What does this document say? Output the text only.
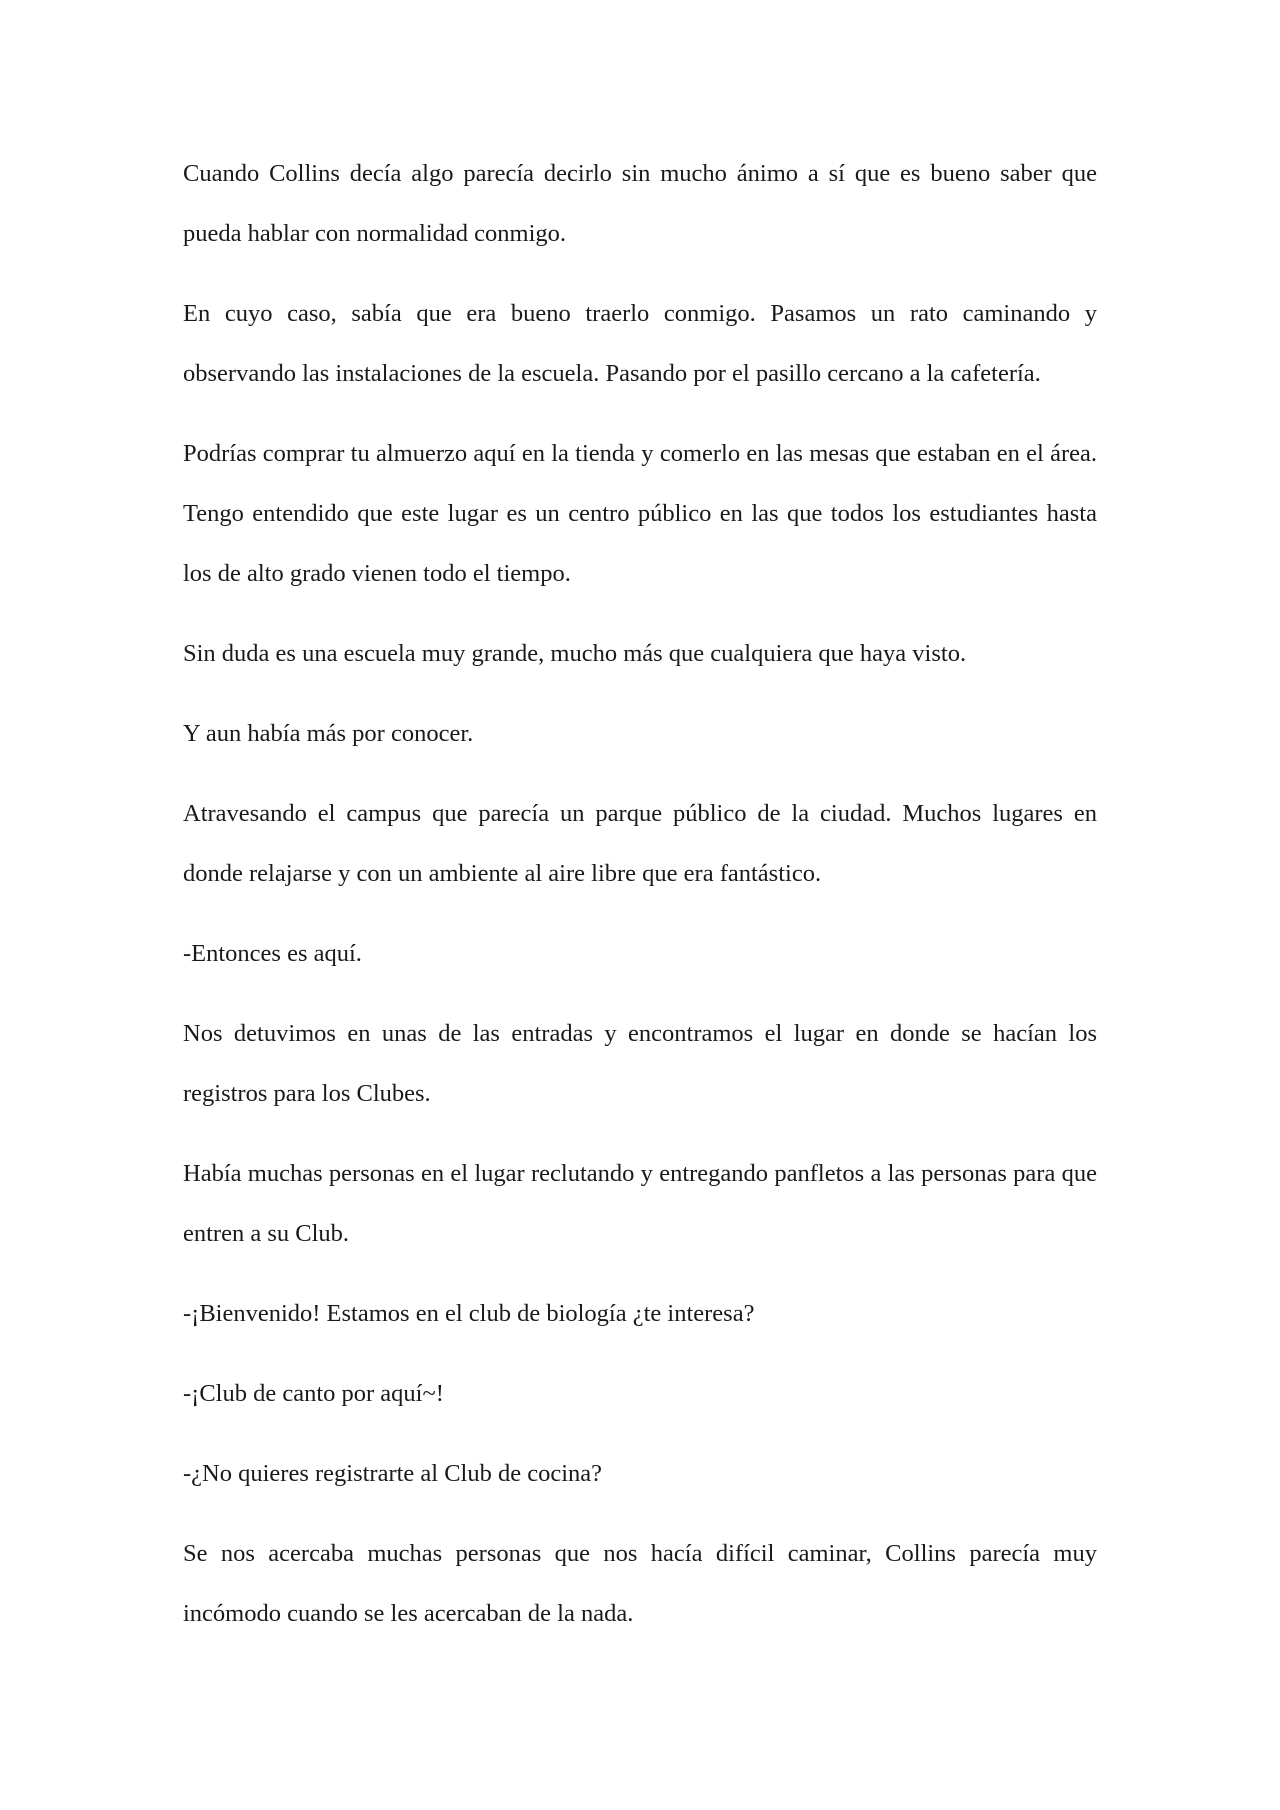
Cuando Collins decía algo parecía decirlo sin mucho ánimo a sí que es bueno saber que pueda hablar con normalidad conmigo.

En cuyo caso, sabía que era bueno traerlo conmigo. Pasamos un rato caminando y observando las instalaciones de la escuela. Pasando por el pasillo cercano a la cafetería.

Podrías comprar tu almuerzo aquí en la tienda y comerlo en las mesas que estaban en el área. Tengo entendido que este lugar es un centro público en las que todos los estudiantes hasta los de alto grado vienen todo el tiempo.

Sin duda es una escuela muy grande, mucho más que cualquiera que haya visto.

Y aun había más por conocer.

Atravesando el campus que parecía un parque público de la ciudad. Muchos lugares en donde relajarse y con un ambiente al aire libre que era fantástico.

-Entonces es aquí.

Nos detuvimos en unas de las entradas y encontramos el lugar en donde se hacían los registros para los Clubes.

Había muchas personas en el lugar reclutando y entregando panfletos a las personas para que entren a su Club.

-¡Bienvenido! Estamos en el club de biología ¿te interesa?

-¡Club de canto por aquí~!

-¿No quieres registrarte al Club de cocina?

Se nos acercaba muchas personas que nos hacía difícil caminar, Collins parecía muy incómodo cuando se les acercaban de la nada.
